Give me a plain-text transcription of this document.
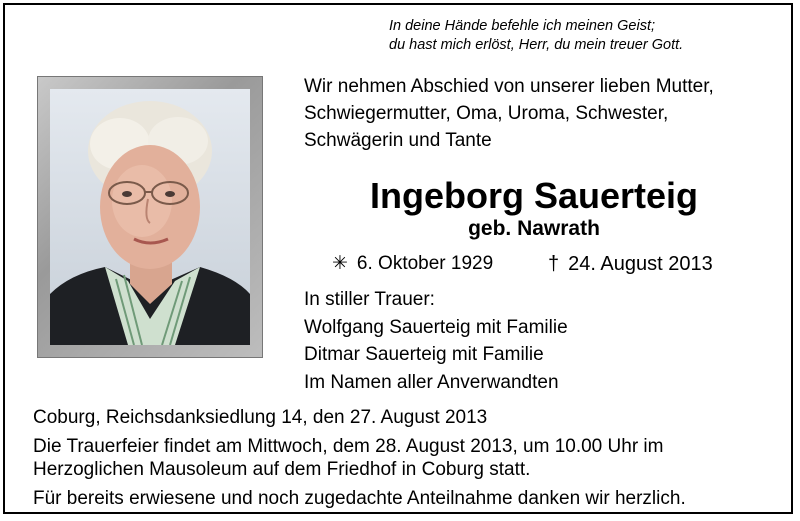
In deine Hände befehle ich meinen Geist;
du hast mich erlöst, Herr, du mein treuer Gott.
Wir nehmen Abschied von unserer lieben Mutter,
Schwiegermutter, Oma, Uroma, Schwester,
Schwägerin und Tante
Ingeborg Sauerteig
geb. Nawrath
✳ 6. Oktober 1929	† 24. August 2013
In stiller Trauer:
Wolfgang Sauerteig mit Familie
Ditmar Sauerteig mit Familie
Im Namen aller Anverwandten
Coburg, Reichsdanksiedlung 14, den 27. August 2013
Die Trauerfeier findet am Mittwoch, dem 28. August 2013, um 10.00 Uhr im
Herzoglichen Mausoleum auf dem Friedhof in Coburg statt.
Für bereits erwiesene und noch zugedachte Anteilnahme danken wir herzlich.
